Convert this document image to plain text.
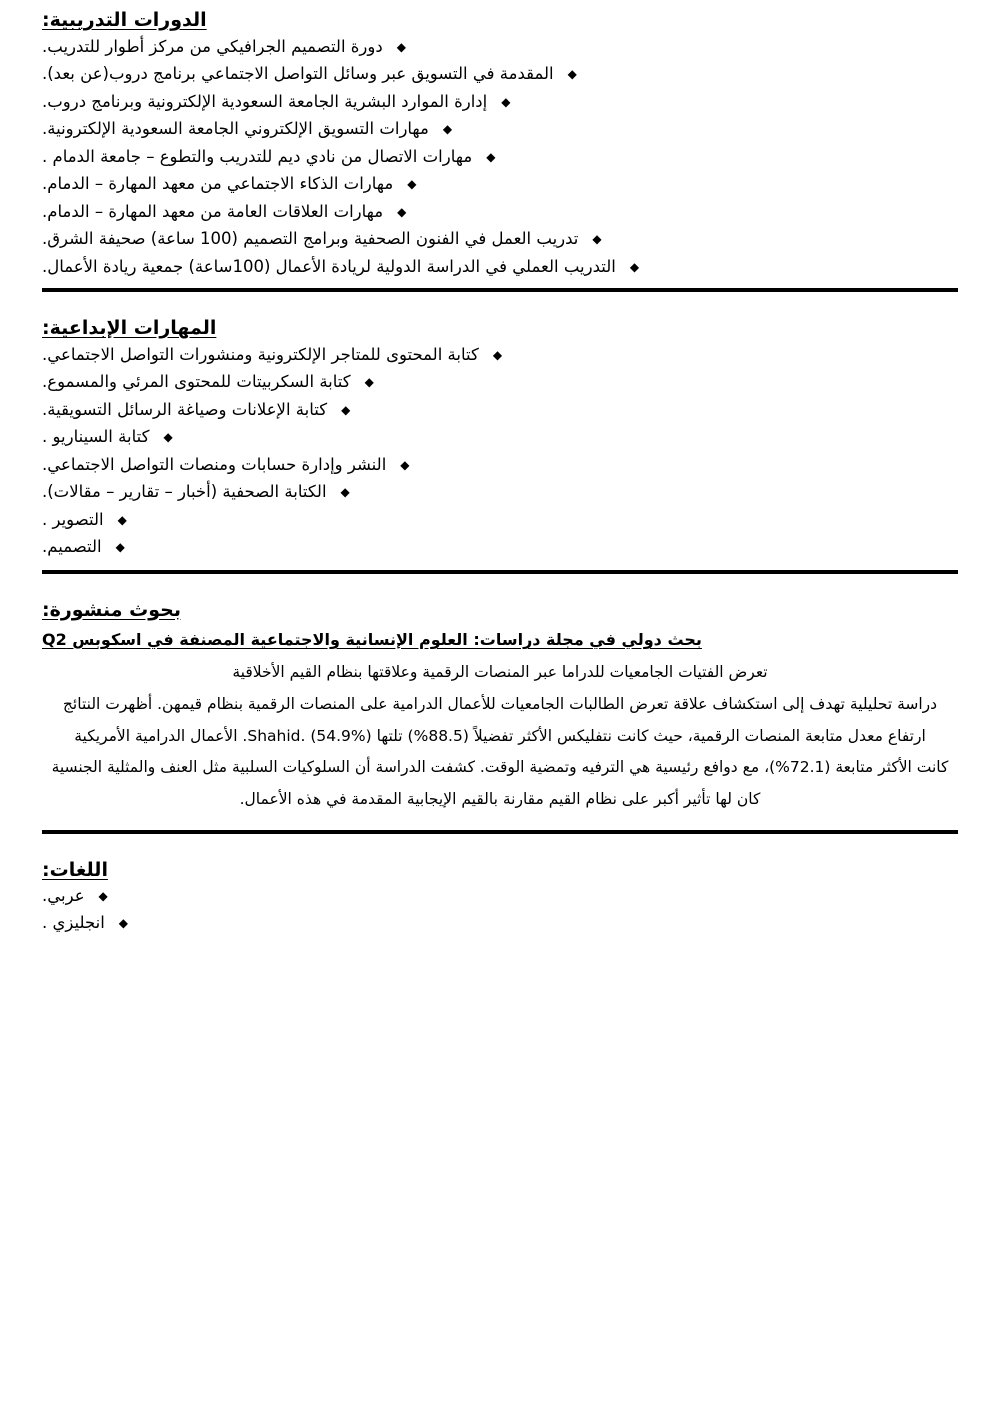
الدورات التدريبية:
◆
دورة التصميم الجرافيكي من مركز أطوار للتدريب.
◆
المقدمة في التسويق عبر وسائل التواصل الاجتماعي برنامج دروب(عن بعد).
◆
إدارة الموارد البشرية الجامعة السعودية الإلكترونية وبرنامج دروب.
◆
مهارات التسويق الإلكتروني الجامعة السعودية الإلكترونية.
◆
مهارات الاتصال من نادي ديم للتدريب والتطوع – جامعة الدمام .
◆
مهارات الذكاء الاجتماعي من معهد المهارة – الدمام.
◆
مهارات العلاقات العامة من معهد المهارة – الدمام.
◆
تدريب العمل في الفنون الصحفية وبرامج التصميم (100 ساعة) صحيفة الشرق.
◆
التدريب العملي في الدراسة الدولية لريادة الأعمال (100ساعة) جمعية ريادة الأعمال.
المهارات الإبداعية:
◆
كتابة المحتوى للمتاجر الإلكترونية ومنشورات التواصل الاجتماعي.
◆
كتابة السكربيتات للمحتوى المرئي والمسموع.
◆
كتابة الإعلانات وصياغة الرسائل التسويقية.
◆
كتابة السيناريو .
◆
النشر وإدارة حسابات ومنصات التواصل الاجتماعي.
◆
الكتابة الصحفية (أخبار – تقارير – مقالات).
◆
التصوير .
◆
التصميم.
بحوث منشورة:
بحث دولي في مجلة دراسات: العلوم الإنسانية والاجتماعية المصنفة في اسكوبس Q2
تعرض الفتيات الجامعيات للدراما عبر المنصات الرقمية وعلاقتها بنظام القيم الأخلاقية
دراسة تحليلية تهدف إلى استكشاف علاقة تعرض الطالبات الجامعيات للأعمال الدرامية على المنصات الرقمية بنظام قيمهن. أظهرت النتائج
ارتفاع معدل متابعة المنصات الرقمية، حيث كانت نتفليكس الأكثر تفضيلاً (88.5%) تلتها Shahid. (54.9%). الأعمال الدرامية الأمريكية
كانت الأكثر متابعة (72.1%)، مع دوافع رئيسية هي الترفيه وتمضية الوقت. كشفت الدراسة أن السلوكيات السلبية مثل العنف والمثلية الجنسية
كان لها تأثير أكبر على نظام القيم مقارنة بالقيم الإيجابية المقدمة في هذه الأعمال.
اللغات:
◆
عربي.
◆
انجليزي .
